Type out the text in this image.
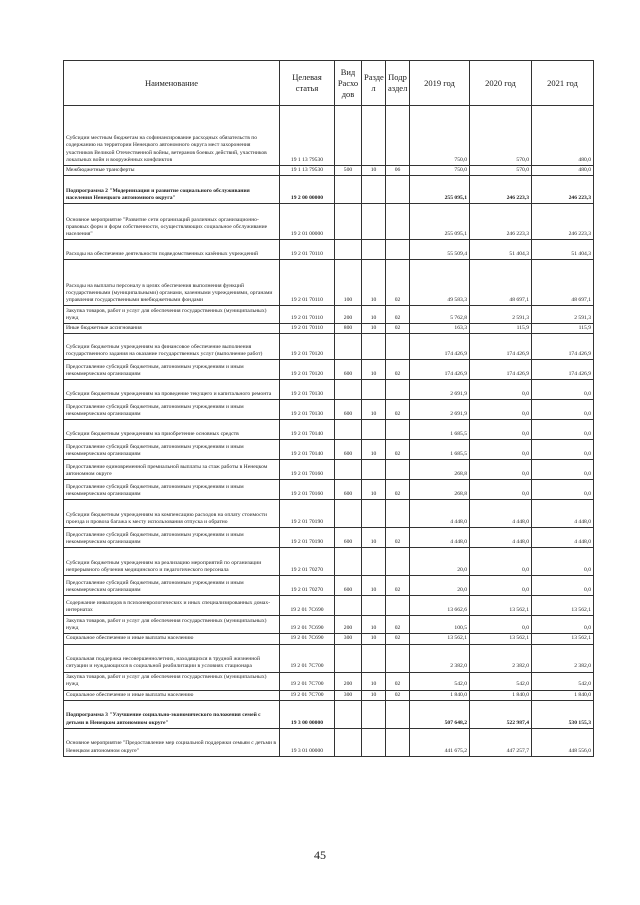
Наименование	Целевая статья	Вид Расхо дов	Разде л	Подр аздел	2019 год	2020 год	2021 год
Субсидии местным бюджетам на софинансирование расходных обязательств по содержанию на территории Ненецкого автономного округа мест захоронения участников Великой Отечественной войны, ветеранов боевых действий, участников локальных войн и вооружённых конфликтов	19 1 13 79530				750,0	570,0	480,0
Межбюджетные трансферты	19 1 13 79530	500	10	06	750,0	570,0	480,0
Подпрограмма 2 "Модернизация и развитие социального обслуживания населения Ненецкого автономного округа"	19 2 00 00000				255 095,1	246 223,3	246 223,3
Основное мероприятие "Развитие сети организаций различных организационно-правовых форм и форм собственности, осуществляющих социальное обслуживание населения"	19 2 01 00000				255 095,1	246 223,3	246 223,3
Расходы на обеспечение деятельности подведомственных казённых учреждений	19 2 01 70110				55 509,4	51 404,3	51 404,3
Расходы на выплаты персоналу в целях обеспечения выполнения функций государственными (муниципальными) органами, казенными учреждениями, органами управления государственными внебюджетными фондами	19 2 01 70110	100	10	02	49 583,3	48 697,1	48 697,1
Закупка товаров, работ и услуг для обеспечения государственных (муниципальных) нужд	19 2 01 70110	200	10	02	5 762,8	2 591,3	2 591,3
Иные бюджетные ассигнования	19 2 01 70110	800	10	02	163,3	115,9	115,9
Субсидии бюджетным учреждениям на финансовое обеспечение выполнения государственного задания на оказание государственных услуг (выполнение работ)	19 2 01 70120				174 426,9	174 426,9	174 426,9
Предоставление субсидий бюджетным, автономным учреждениям и иным некоммерческим организациям	19 2 01 70120	600	10	02	174 426,9	174 426,9	174 426,9
Субсидии бюджетным учреждениям на проведение текущего и капитального ремонта	19 2 01 70130				2 691,9	0,0	0,0
Предоставление субсидий бюджетным, автономным учреждениям и иным некоммерческим организациям	19 2 01 70130	600	10	02	2 691,9	0,0	0,0
Субсидии бюджетным учреждениям на приобретение основных средств	19 2 01 70140				1 685,5	0,0	0,0
Предоставление субсидий бюджетным, автономным учреждениям и иным некоммерческим организациям	19 2 01 70140	600	10	02	1 685,5	0,0	0,0
Предоставление единовременной премиальной выплаты за стаж работы в Ненецком автономном округе	19 2 01 70160				268,8	0,0	0,0
Предоставление субсидий бюджетным, автономным учреждениям и иным некоммерческим организациям	19 2 01 70160	600	10	02	268,8	0,0	0,0
Субсидии бюджетным учреждениям на компенсацию расходов на оплату стоимости проезда и провоза багажа к месту использования отпуска и обратно	19 2 01 70190				4 448,0	4 448,0	4 448,0
Предоставление субсидий бюджетным, автономным учреждениям и иным некоммерческим организациям	19 2 01 70190	600	10	02	4 448,0	4 448,0	4 448,0
Субсидии бюджетным учреждениям на реализацию мероприятий по организации непрерывного обучения медицинского и педагогического персонала	19 2 01 70270				20,0	0,0	0,0
Предоставление субсидий бюджетным, автономным учреждениям и иным некоммерческим организациям	19 2 01 70270	600	10	02	20,0	0,0	0,0
Содержание инвалидов в психоневрологических и иных специализированных домах-интернатах	19 2 01 7С690				13 662,6	13 562,1	13 562,1
Закупка товаров, работ и услуг для обеспечения государственных (муниципальных) нужд	19 2 01 7С690	200	10	02	100,5	0,0	0,0
Социальное обеспечение и иные выплаты населению	19 2 01 7С690	300	10	02	13 562,1	13 562,1	13 562,1
Социальная поддержка несовершеннолетних, находящихся в трудной жизненной ситуации и нуждающихся в социальной реабилитации в условиях стационара	19 2 01 7С700				2 382,0	2 382,0	2 382,0
Закупка товаров, работ и услуг для обеспечения государственных (муниципальных) нужд	19 2 01 7С700	200	10	02	542,0	542,0	542,0
Социальное обеспечение и иные выплаты населению	19 2 01 7С700	300	10	02	1 840,0	1 840,0	1 840,0
Подпрограмма 3 "Улучшение социально-экономического положения семей с детьми в Ненецком автономном округе"	19 3 00 00000				507 648,2	522 987,4	530 155,3
Основное мероприятие "Предоставление мер социальной поддержки семьям с детьми в Ненецком автономном округе"	19 3 01 00000				441 675,2	447 257,7	448 556,0
45
